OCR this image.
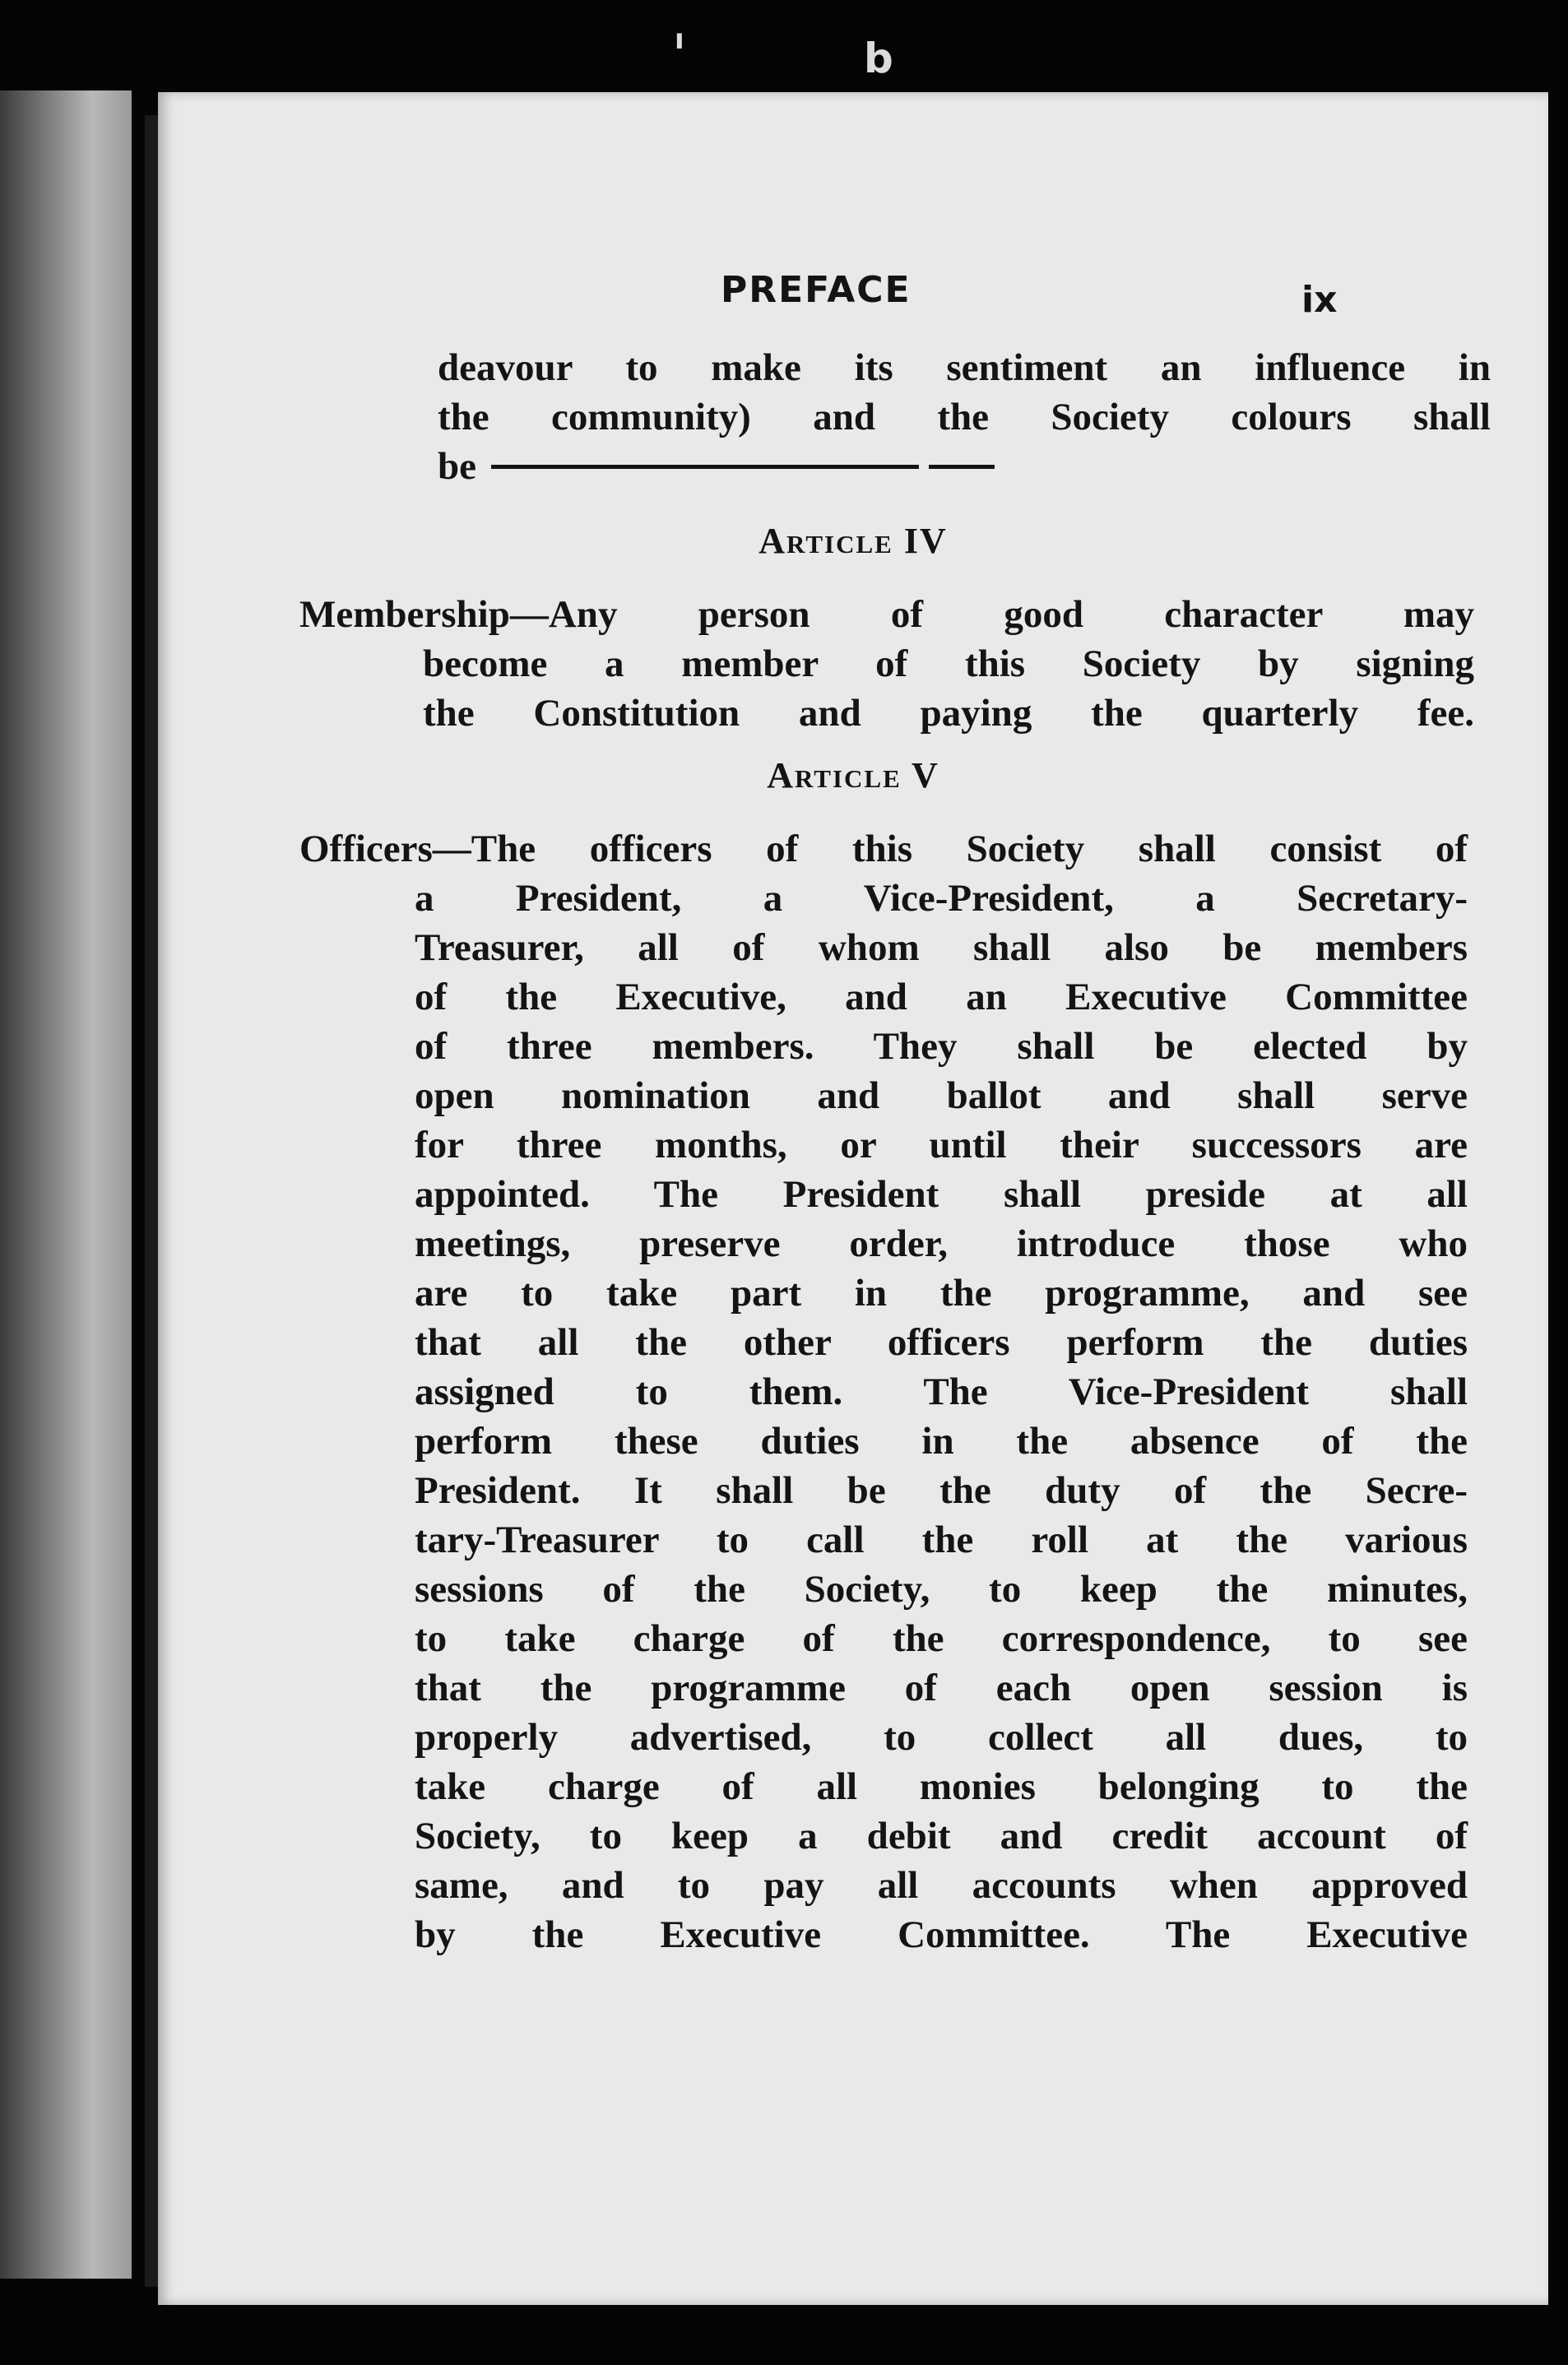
ı	b
PREFACE	ix
deavour to make its sentiment an influence in
the community) and the Society colours shall
be
Article IV
Membership—Any person of good character may
become a member of this Society by signing
the Constitution and paying the quarterly fee.
Article V
Officers—The officers of this Society shall consist of
a President, a Vice-President, a Secretary-
Treasurer, all of whom shall also be members
of the Executive, and an Executive Committee
of three members. They shall be elected by
open nomination and ballot and shall serve
for three months, or until their successors are
appointed. The President shall preside at all
meetings, preserve order, introduce those who
are to take part in the programme, and see
that all the other officers perform the duties
assigned to them. The Vice-President shall
perform these duties in the absence of the
President. It shall be the duty of the Secre-
tary-Treasurer to call the roll at the various
sessions of the Society, to keep the minutes,
to take charge of the correspondence, to see
that the programme of each open session is
properly advertised, to collect all dues, to
take charge of all monies belonging to the
Society, to keep a debit and credit account of
same, and to pay all accounts when approved
by the Executive Committee. The Executive
